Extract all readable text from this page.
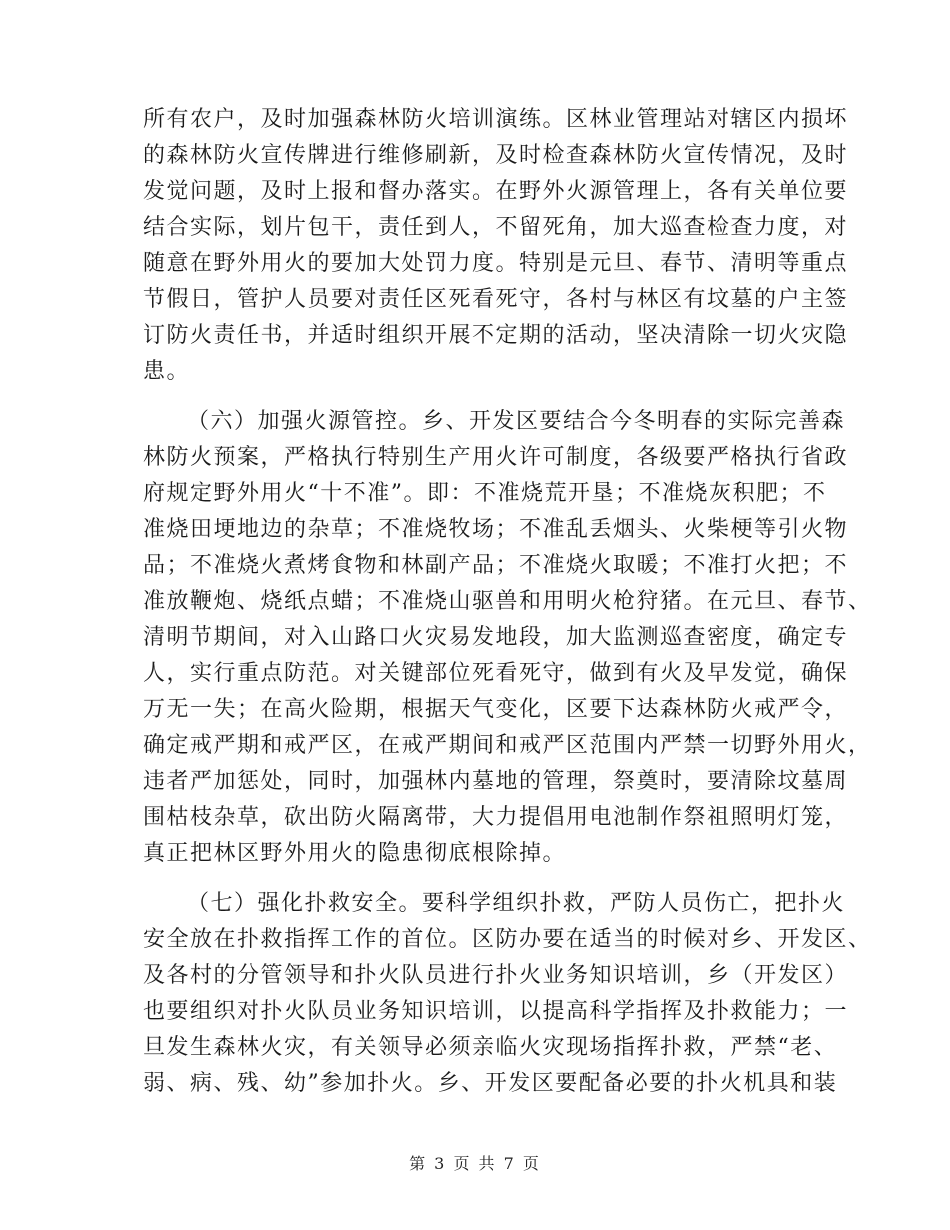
所有农户，及时加强森林防火培训演练。区林业管理站对辖区内损坏
的森林防火宣传牌进行维修刷新，及时检查森林防火宣传情况，及时
发觉问题，及时上报和督办落实。在野外火源管理上，各有关单位要
结合实际，划片包干，责任到人，不留死角，加大巡查检查力度，对
随意在野外用火的要加大处罚力度。特别是元旦、春节、清明等重点
节假日，管护人员要对责任区死看死守，各村与林区有坟墓的户主签
订防火责任书，并适时组织开展不定期的活动，坚决清除一切火灾隐
患。
（六）加强火源管控。乡、开发区要结合今冬明春的实际完善森
林防火预案，严格执行特别生产用火许可制度，各级要严格执行省政
府规定野外用火“十不准”。即：不准烧荒开垦；不准烧灰积肥；不
准烧田埂地边的杂草；不准烧牧场；不准乱丢烟头、火柴梗等引火物
品；不准烧火煮烤食物和林副产品；不准烧火取暖；不准打火把；不
准放鞭炮、烧纸点蜡；不准烧山驱兽和用明火枪狩猪。在元旦、春节、
清明节期间，对入山路口火灾易发地段，加大监测巡查密度，确定专
人，实行重点防范。对关键部位死看死守，做到有火及早发觉，确保
万无一失；在高火险期，根据天气变化，区要下达森林防火戒严令，
确定戒严期和戒严区，在戒严期间和戒严区范围内严禁一切野外用火，
违者严加惩处，同时，加强林内墓地的管理，祭奠时，要清除坟墓周
围枯枝杂草，砍出防火隔离带，大力提倡用电池制作祭祖照明灯笼，
真正把林区野外用火的隐患彻底根除掉。
（七）强化扑救安全。要科学组织扑救，严防人员伤亡，把扑火
安全放在扑救指挥工作的首位。区防办要在适当的时候对乡、开发区、
及各村的分管领导和扑火队员进行扑火业务知识培训，乡（开发区）
也要组织对扑火队员业务知识培训，以提高科学指挥及扑救能力；一
旦发生森林火灾，有关领导必须亲临火灾现场指挥扑救，严禁“老、
弱、病、残、幼”参加扑火。乡、开发区要配备必要的扑火机具和装
第 3 页 共 7 页
